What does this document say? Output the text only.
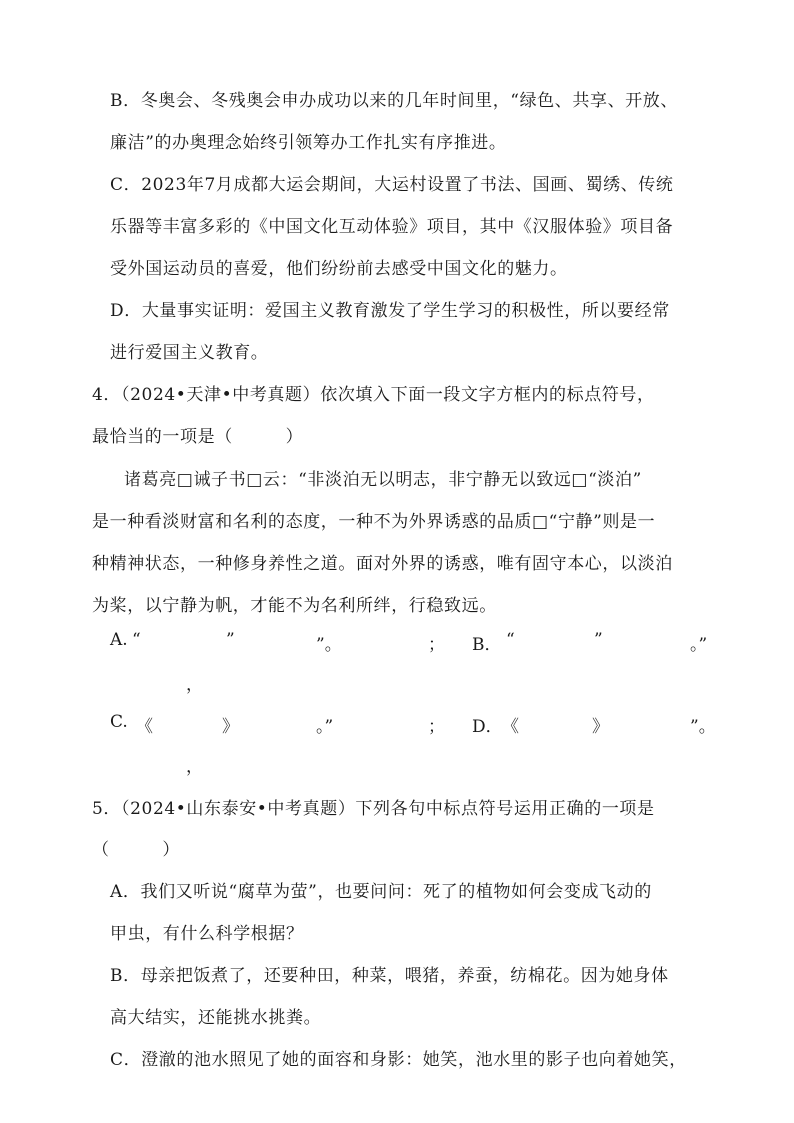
B．冬奥会、冬残奥会申办成功以来的几年时间里，“绿色、共享、开放、
廉洁”的办奥理念始终引领筹办工作扎实有序推进。
C．2023年7月成都大运会期间，大运村设置了书法、国画、蜀绣、传统
乐器等丰富多彩的《中国文化互动体验》项目，其中《汉服体验》项目备
受外国运动员的喜爱，他们纷纷前去感受中国文化的魅力。
D．大量事实证明：爱国主义教育激发了学生学习的积极性，所以要经常
进行爱国主义教育。
4．（2024•天津•中考真题）依次填入下面一段文字方框内的标点符号，
最恰当的一项是（　　　）
诸葛亮□诫子书□云：“非淡泊无以明志，非宁静无以致远□“淡泊”
是一种看淡财富和名利的态度，一种不为外界诱惑的品质□“宁静”则是一
种精神状态，一种修身养性之道。面对外界的诱惑，唯有固守本心，以淡泊
为桨，以宁静为帆，才能不为名利所绊，行稳致远。
A. “	”	”。	； B． “	”	。”
，
C. 《	》	。”	； D． 《	》	”。
，
5．（2024•山东泰安•中考真题）下列各句中标点符号运用正确的一项是
（　　　）
A．我们又听说“腐草为萤”，也要问问：死了的植物如何会变成飞动的
甲虫，有什么科学根据？
B．母亲把饭煮了，还要种田，种菜，喂猪，养蚕，纺棉花。因为她身体
高大结实，还能挑水挑粪。
C．澄澈的池水照见了她的面容和身影：她笑，池水里的影子也向着她笑，
